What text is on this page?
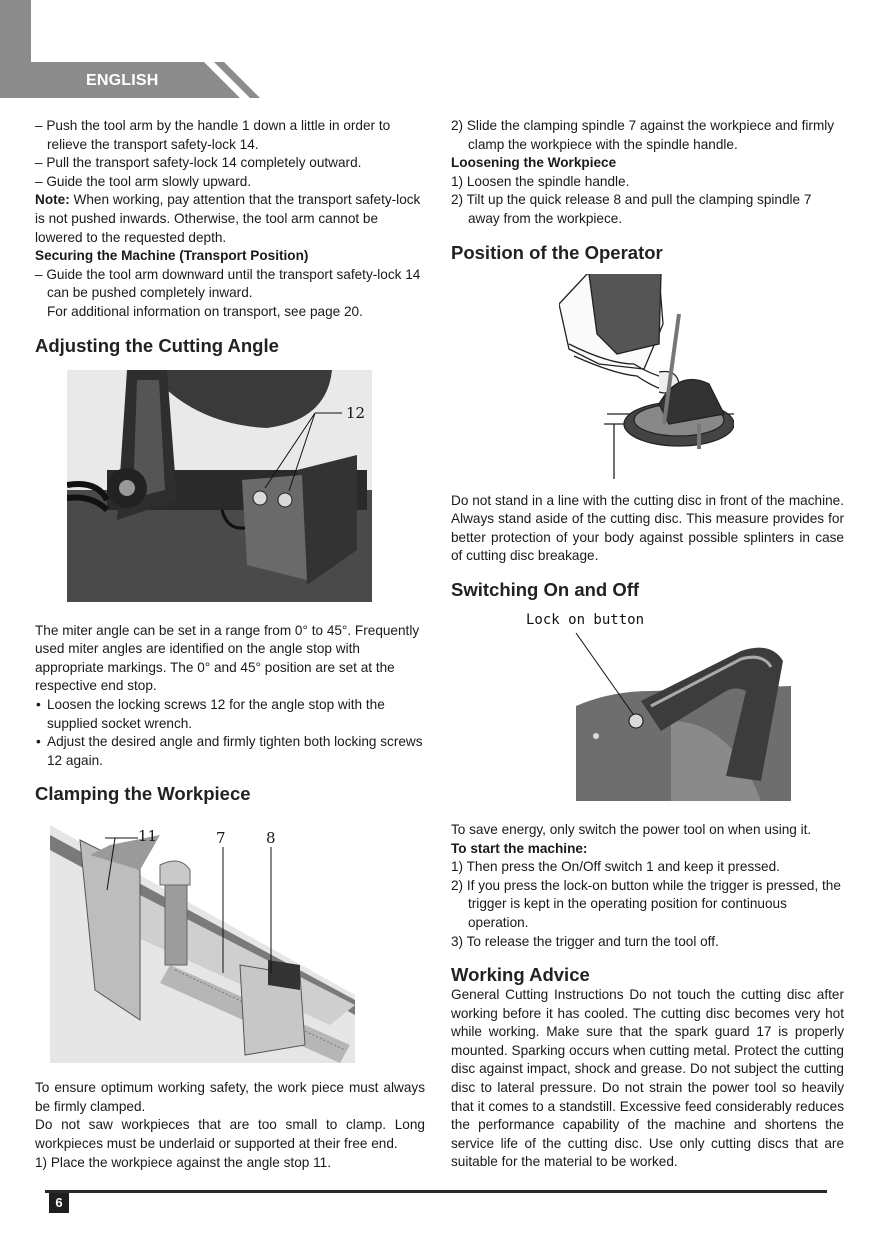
ENGLISH

– Push the tool arm by the handle 1 down a little in order to relieve the transport safety-lock 14.

– Pull the transport safety-lock 14 completely outward.

– Guide the tool arm slowly upward.

Note: When working, pay attention that the transport safety-lock is not pushed inwards. Otherwise, the tool arm cannot be lowered to the requested depth.

Securing the Machine (Transport Position)

– Guide the tool arm downward until the transport safety-lock 14 can be pushed completely inward.

For additional information on transport, see page 20.

Adjusting the Cutting Angle
12

The miter angle can be set in a range from 0° to 45°. Frequently used miter angles are identified on the angle stop with appropriate markings. The 0° and 45° position are set at the respective end stop.

• Loosen the locking screws 12 for the angle stop with the supplied socket wrench.

• Adjust the desired angle and firmly tighten both locking screws 12 again.

Clamping the Workpiece
11	7	8

To ensure optimum working safety, the work piece must always be firmly clamped.

Do not saw workpieces that are too small to clamp. Long workpieces must be underlaid or supported at their free end.

1) Place the workpiece against the angle stop 11.

2) Slide the clamping spindle 7 against the workpiece and firmly clamp the workpiece with the spindle handle.

Loosening the Workpiece

1) Loosen the spindle handle.

2) Tilt up the quick release 8 and pull the clamping spindle 7 away from the workpiece.

Position of the Operator

Do not stand in a line with the cutting disc in front of the machine. Always stand aside of the cutting disc. This measure provides for better protection of your body against possible splinters in case of cutting disc breakage.

Switching On and Off
Lock on button

To save energy, only switch the power tool on when using it.

To start the machine:

1) Then press the On/Off switch 1 and keep it pressed.

2) If you press the lock-on button while the trigger is pressed, the trigger is kept in the operating position for continuous operation.

3) To release the trigger and turn the tool off.

Working Advice

General Cutting Instructions Do not touch the cutting disc after working before it has cooled. The cutting disc becomes very hot while working. Make sure that the spark guard 17 is properly mounted. Sparking occurs when cutting metal. Protect the cutting disc against impact, shock and grease. Do not subject the cutting disc to lateral pressure. Do not strain the power tool so heavily that it comes to a standstill. Excessive feed considerably reduces the performance capability of the machine and shortens the service life of the cutting disc. Use only cutting discs that are suitable for the material to be worked.

6
